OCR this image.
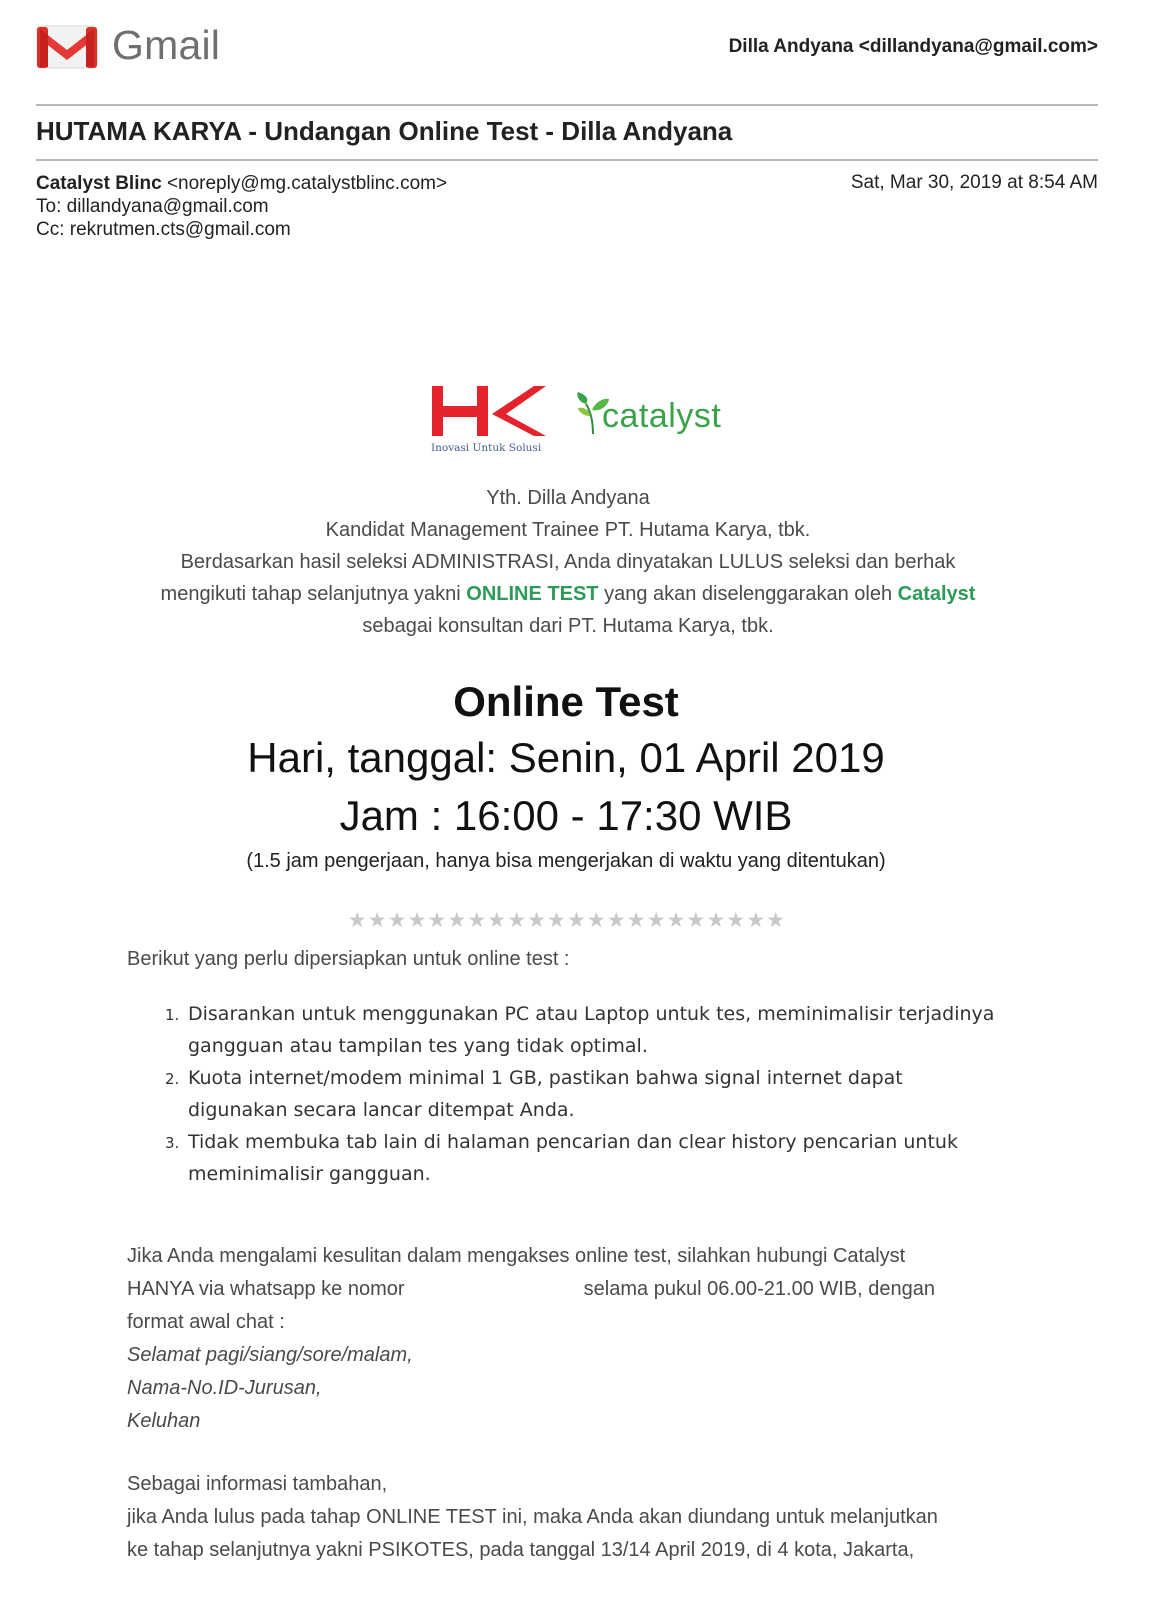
Gmail	Dilla Andyana <dillandyana@gmail.com>
HUTAMA KARYA - Undangan Online Test - Dilla Andyana
Catalyst Blinc <noreply@mg.catalystblinc.com>
To: dillandyana@gmail.com
Cc: rekrutmen.cts@gmail.com
Sat, Mar 30, 2019 at 8:54 AM
Inovasi Untuk Solusi
catalyst
Yth. Dilla Andyana
Kandidat Management Trainee PT. Hutama Karya, tbk.
Berdasarkan hasil seleksi ADMINISTRASI, Anda dinyatakan LULUS seleksi dan berhak
mengikuti tahap selanjutnya yakni ONLINE TEST yang akan diselenggarakan oleh Catalyst
sebagai konsultan dari PT. Hutama Karya, tbk.
Online Test
Hari, tanggal: Senin, 01 April 2019
Jam : 16:00 - 17:30 WIB
(1.5 jam pengerjaan, hanya bisa mengerjakan di waktu yang ditentukan)
★★★★★★★★★★★★★★★★★★★★★★
Berikut yang perlu dipersiapkan untuk online test :
1. Disarankan untuk menggunakan PC atau Laptop untuk tes, meminimalisir terjadinya
gangguan atau tampilan tes yang tidak optimal.
2. Kuota internet/modem minimal 1 GB, pastikan bahwa signal internet dapat
digunakan secara lancar ditempat Anda.
3. Tidak membuka tab lain di halaman pencarian dan clear history pencarian untuk
meminimalisir gangguan.
Jika Anda mengalami kesulitan dalam mengakses online test, silahkan hubungi Catalyst
HANYA via whatsapp ke nomor	selama pukul 06.00-21.00 WIB, dengan
format awal chat :
Selamat pagi/siang/sore/malam,
Nama-No.ID-Jurusan,
Keluhan
Sebagai informasi tambahan,
jika Anda lulus pada tahap ONLINE TEST ini, maka Anda akan diundang untuk melanjutkan
ke tahap selanjutnya yakni PSIKOTES, pada tanggal 13/14 April 2019, di 4 kota, Jakarta,
